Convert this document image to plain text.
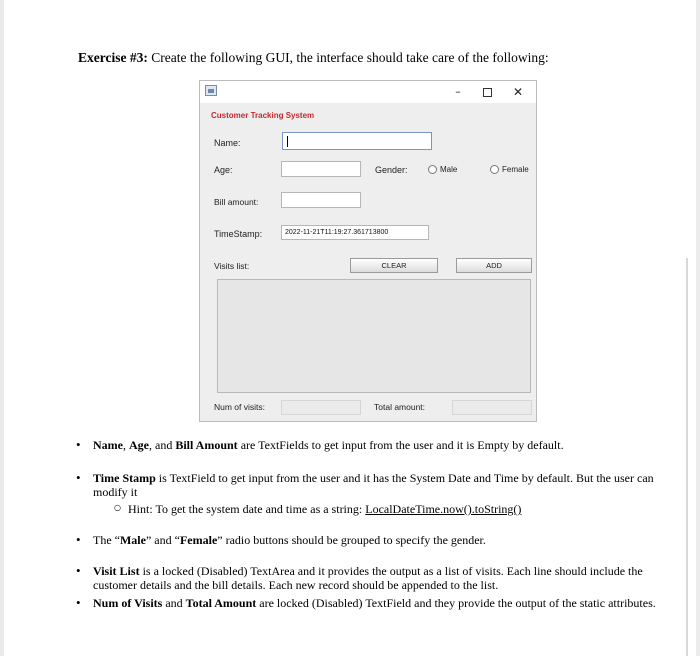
Exercise #3: Create the following GUI, the interface should take care of the following:
–	✕
Customer Tracking System
Name:
Age:	Gender:	Male	Female
Bill amount:
TimeStamp:	2022-11-21T11:19:27.361713800
Visits list:	CLEAR	ADD
Num of visits:	Total amount:
• Name, Age, and Bill Amount are TextFields to get input from the user and it is Empty by default.
• Time Stamp is TextField to get input from the user and it has the System Date and Time by default. But the user can modify it
○ Hint: To get the system date and time as a string: LocalDateTime.now().toString()
• The “Male” and “Female” radio buttons should be grouped to specify the gender.
• Visit List is a locked (Disabled) TextArea and it provides the output as a list of visits. Each line should include the customer details and the bill details. Each new record should be appended to the list.
• Num of Visits and Total Amount are locked (Disabled) TextField and they provide the output of the static attributes.
